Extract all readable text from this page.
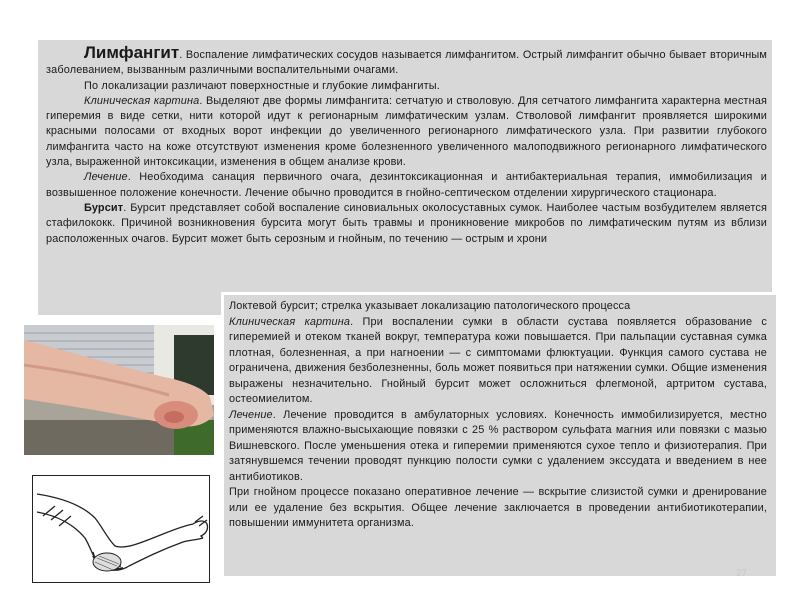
Лимфангит. Воспаление лимфатических сосудов называется лимфангитом. Острый лимфангит обычно бывает вторичным заболеванием, вызванным различными воспалительными очагами.

По локализации различают поверхностные и глубокие лимфангиты.

Клиническая картина. Выделяют две формы лимфангита: сетчатую и стволовую. Для сетчатого лимфангита характерна местная гиперемия в виде сетки, нити которой идут к регионарным лимфатическим узлам. Стволовой лимфангит проявляется широкими красными полосами от входных ворот инфекции до увеличенного регионарного лимфатического узла. При развитии глубокого лимфангита часто на коже отсутствуют изменения кроме болезненного увеличенного малоподвижного регионарного лимфатического узла, выраженной интоксикации, изменения в общем анализе крови.

Лечение. Необходима санация первичного очага, дезинтоксикационная и антибактериальная терапия, иммобилизация и возвышенное положение конечности. Лечение обычно проводится в гнойно-септическом отделении хирургического стационара.

Бурсит. Бурсит представляет собой воспаление синовиальных околосуставных сумок. Наиболее частым возбудителем является стафилококк. Причиной возникновения бурсита могут быть травмы и проникновение микробов по лимфатическим путям из вблизи расположенных очагов. Бурсит может быть серозным и гнойным, по течению — острым и хрони

Локтевой бурсит; стрелка указывает локализацию патологического процесса

Клиническая картина. При воспалении сумки в области сустава появляется образование с гиперемией и отеком тканей вокруг, температура кожи повышается. При пальпации суставная сумка плотная, болезненная, а при нагноении — с симптомами флюктуации. Функция самого сустава не ограничена, движения безболезненны, боль может появиться при натяжении сумки. Общие изменения выражены незначительно. Гнойный бурсит может осложниться флегмоной, артритом сустава, остеомиелитом.

Лечение. Лечение проводится в амбулаторных условиях. Конечность иммобилизируется, местно применяются влажно-высыхающие повязки с 25 % раствором сульфата магния или повязки с мазью Вишневского. После уменьшения отека и гиперемии применяются сухое тепло и физиотерапия. При затянувшемся течении проводят пункцию полости сумки с удалением экссудата и введением в нее антибиотиков.

При гнойном процессе показано оперативное лечение — вскрытие слизистой сумки и дренирование или ее удаление без вскрытия. Общее лечение заключается в проведении антибиотикотерапии, повышении иммунитета организма.

27
